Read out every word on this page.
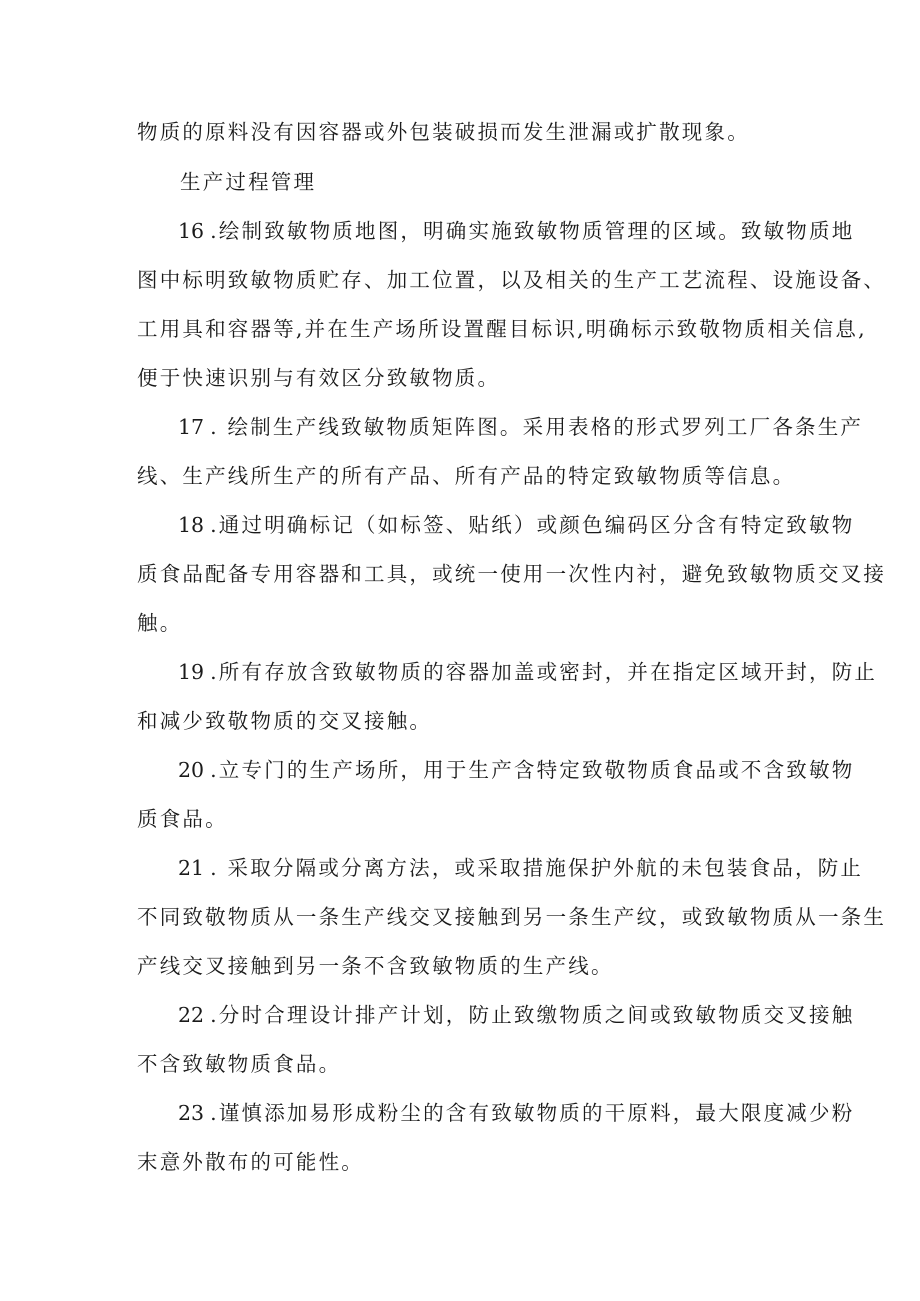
物质的原料没有因容器或外包装破损而发生泄漏或扩散现象。
生产过程管理
16 .绘制致敏物质地图，明确实施致敏物质管理的区域。致敏物质地
图中标明致敏物质贮存、加工位置，以及相关的生产工艺流程、设施设备、
工用具和容器等,并在生产场所设置醒目标识,明确标示致敬物质相关信息,
便于快速识别与有效区分致敏物质。
17 . 绘制生产线致敏物质矩阵图。采用表格的形式罗列工厂各条生产
线、生产线所生产的所有产品、所有产品的特定致敏物质等信息。
18 .通过明确标记（如标签、贴纸）或颜色编码区分含有特定致敏物
质食品配备专用容器和工具，或统一使用一次性内衬，避免致敏物质交叉接
触。
19 .所有存放含致敏物质的容器加盖或密封，并在指定区域开封，防止
和减少致敬物质的交叉接触。
20 .立专门的生产场所，用于生产含特定致敬物质食品或不含致敏物
质食品。
21 . 采取分隔或分离方法，或采取措施保护外航的未包装食品，防止
不同致敬物质从一条生产线交叉接触到另一条生产纹，或致敏物质从一条生
产线交叉接触到另一条不含致敏物质的生产线。
22 .分时合理设计排产计划，防止致缴物质之间或致敏物质交叉接触
不含致敏物质食品。
23 .谨慎添加易形成粉尘的含有致敏物质的干原料，最大限度减少粉
末意外散布的可能性。
